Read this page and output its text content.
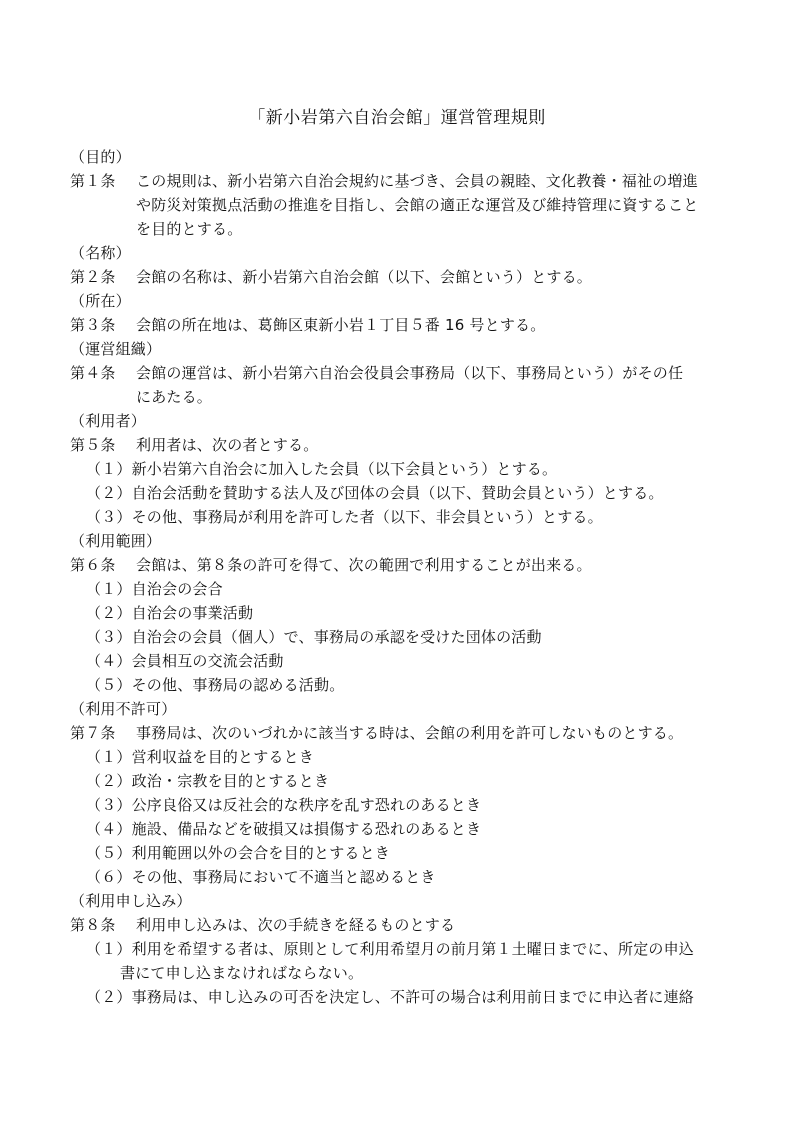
「新小岩第六自治会館」運営管理規則
（目的）
第１条 この規則は、新小岩第六自治会規約に基づき、会員の親睦、文化教養・福祉の増進
や防災対策拠点活動の推進を目指し、会館の適正な運営及び維持管理に資すること
を目的とする。
（名称）
第２条 会館の名称は、新小岩第六自治会館（以下、会館という）とする。
（所在）
第３条 会館の所在地は、葛飾区東新小岩１丁目５番 16 号とする。
（運営組織）
第４条 会館の運営は、新小岩第六自治会役員会事務局（以下、事務局という）がその任
にあたる。
（利用者）
第５条 利用者は、次の者とする。
（１）新小岩第六自治会に加入した会員（以下会員という）とする。
（２）自治会活動を賛助する法人及び団体の会員（以下、賛助会員という）とする。
（３）その他、事務局が利用を許可した者（以下、非会員という）とする。
（利用範囲）
第６条 会館は、第８条の許可を得て、次の範囲で利用することが出来る。
（１）自治会の会合
（２）自治会の事業活動
（３）自治会の会員（個人）で、事務局の承認を受けた団体の活動
（４）会員相互の交流会活動
（５）その他、事務局の認める活動。
（利用不許可）
第７条 事務局は、次のいづれかに該当する時は、会館の利用を許可しないものとする。
（１）営利収益を目的とするとき
（２）政治・宗教を目的とするとき
（３）公序良俗又は反社会的な秩序を乱す恐れのあるとき
（４）施設、備品などを破損又は損傷する恐れのあるとき
（５）利用範囲以外の会合を目的とするとき
（６）その他、事務局において不適当と認めるとき
（利用申し込み）
第８条 利用申し込みは、次の手続きを経るものとする
（１）利用を希望する者は、原則として利用希望月の前月第１土曜日までに、所定の申込
書にて申し込まなければならない。
（２）事務局は、申し込みの可否を決定し、不許可の場合は利用前日までに申込者に連絡
